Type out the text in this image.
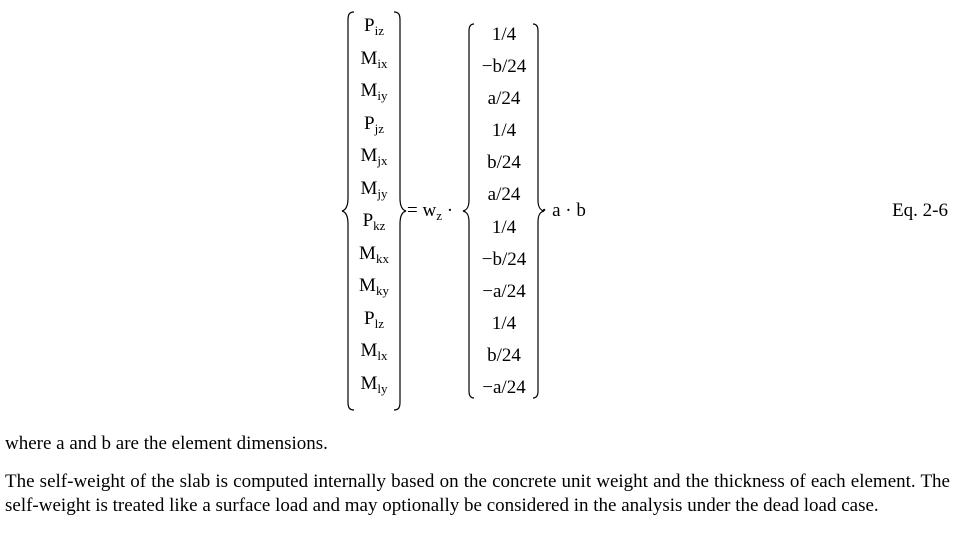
$P_{iz}$
$M_{ix}$
$M_{iy}$
$P_{jz}$
$M_{jx}$
$M_{jy}$
$P_{kz}$
$M_{kx}$
$M_{ky}$
$P_{lz}$
$M_{lx}$
$M_{ly}$
= $w_z$ ·
1/4
−b/24
a/24
1/4
b/24
a/24
1/4
−b/24
−a/24
1/4
b/24
−a/24
· a · b	Eq. 2-6

where a and b are the element dimensions.

The self-weight of the slab is computed internally based on the concrete unit weight and the thickness of each element. The self-weight is treated like a surface load and may optionally be considered in the analysis under the dead load case.
